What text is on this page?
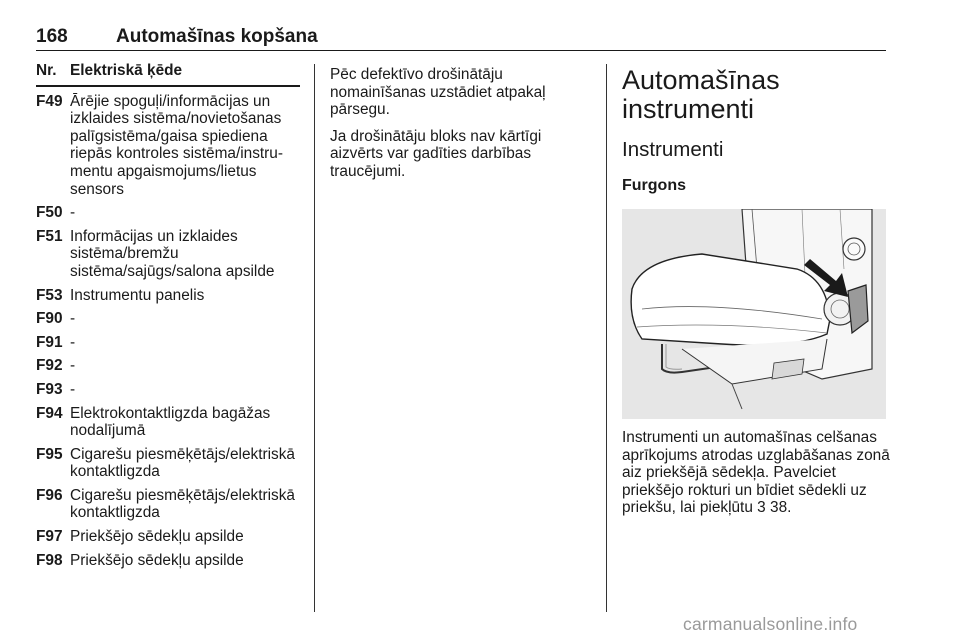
168	Automašīnas kopšana
Nr. Elektriskā ķēde
F49 Ārējie spoguļi/informācijas un izklaides sistēma/novietošanas palīgsistēma/gaisa spiediena riepās kontroles sistēma/instrumentu apgaismojums/lietus sensors
F50 -
F51 Informācijas un izklaides sistēma/bremžu sistēma/sajūgs/salona apsilde
F53 Instrumentu panelis
F90 -
F91 -
F92 -
F93 -
F94 Elektrokontaktligzda bagāžas nodalījumā
F95 Cigarešu piesmēķētājs/elektriskā kontaktligzda
F96 Cigarešu piesmēķētājs/elektriskā kontaktligzda
F97 Priekšējo sēdekļu apsilde
F98 Priekšējo sēdekļu apsilde

Pēc defektīvo drošinātāju nomainīšanas uzstādiet atpakaļ pārsegu.

Ja drošinātāju bloks nav kārtīgi aizvērts var gadīties darbības traucējumi.

Automašīnas
instrumenti
Instrumenti
Furgons

Instrumenti un automašīnas celšanas aprīkojums atrodas uzglabāšanas zonā aiz priekšējā sēdekļa. Pavelciet priekšējo rokturi un bīdiet sēdekli uz priekšu, lai piekļūtu 3 38.

carmanualsonline.info
